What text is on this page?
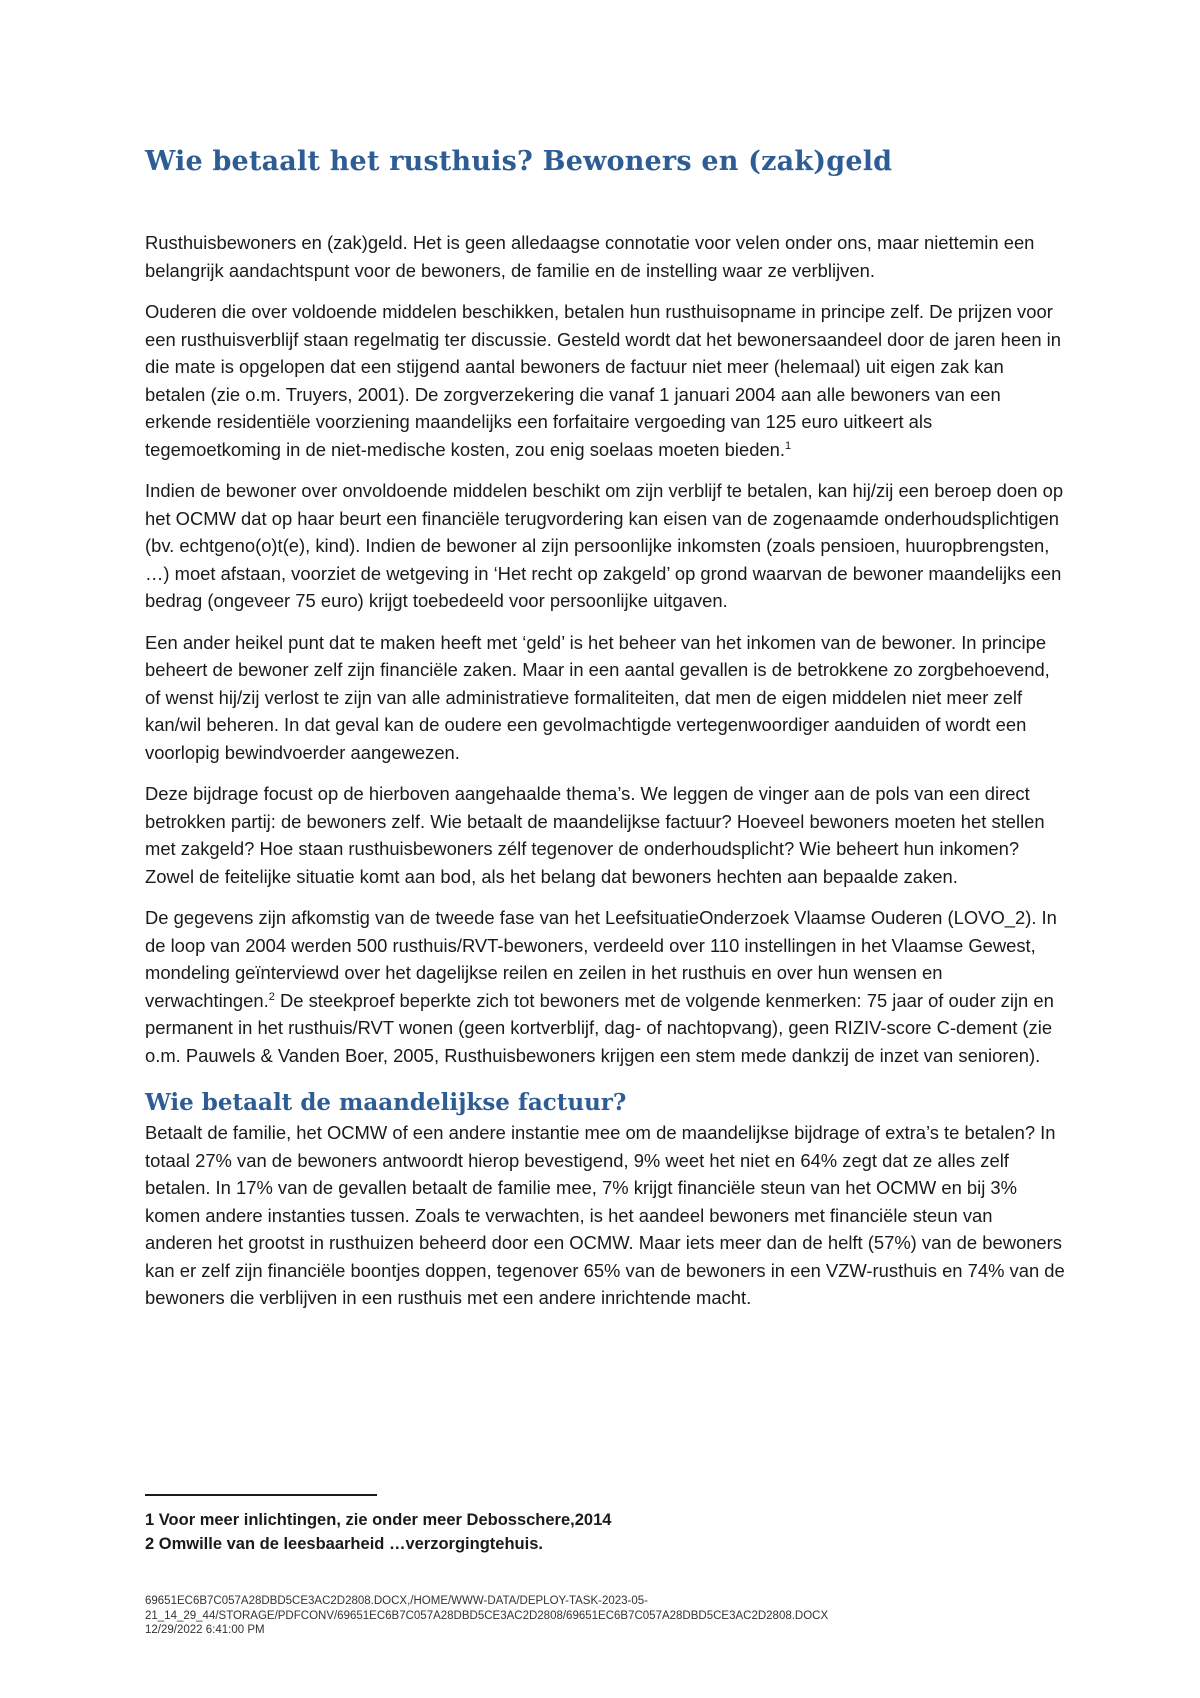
Wie betaalt het rusthuis? Bewoners en (zak)geld

Rusthuisbewoners en (zak)geld. Het is geen alledaagse connotatie voor velen onder ons, maar niettemin een belangrijk aandachtspunt voor de bewoners, de familie en de instelling waar ze verblijven.

Ouderen die over voldoende middelen beschikken, betalen hun rusthuisopname in principe zelf. De prijzen voor een rusthuisverblijf staan regelmatig ter discussie. Gesteld wordt dat het bewonersaandeel door de jaren heen in die mate is opgelopen dat een stijgend aantal bewoners de factuur niet meer (helemaal) uit eigen zak kan betalen (zie o.m. Truyers, 2001). De zorgverzekering die vanaf 1 januari 2004 aan alle bewoners van een erkende residentiële voorziening maandelijks een forfaitaire vergoeding van 125 euro uitkeert als tegemoetkoming in de niet-medische kosten, zou enig soelaas moeten bieden.$^1$

Indien de bewoner over onvoldoende middelen beschikt om zijn verblijf te betalen, kan hij/zij een beroep doen op het OCMW dat op haar beurt een financiële terugvordering kan eisen van de zogenaamde onderhoudsplichtigen (bv. echtgeno(o)t(e), kind). Indien de bewoner al zijn persoonlijke inkomsten (zoals pensioen, huuropbrengsten, …) moet afstaan, voorziet de wetgeving in ‘Het recht op zakgeld’ op grond waarvan de bewoner maandelijks een bedrag (ongeveer 75 euro) krijgt toebedeeld voor persoonlijke uitgaven.

Een ander heikel punt dat te maken heeft met ‘geld’ is het beheer van het inkomen van de bewoner. In principe beheert de bewoner zelf zijn financiële zaken. Maar in een aantal gevallen is de betrokkene zo zorgbehoevend, of wenst hij/zij verlost te zijn van alle administratieve formaliteiten, dat men de eigen middelen niet meer zelf kan/wil beheren. In dat geval kan de oudere een gevolmachtigde vertegenwoordiger aanduiden of wordt een voorlopig bewindvoerder aangewezen.

Deze bijdrage focust op de hierboven aangehaalde thema’s. We leggen de vinger aan de pols van een direct betrokken partij: de bewoners zelf. Wie betaalt de maandelijkse factuur? Hoeveel bewoners moeten het stellen met zakgeld? Hoe staan rusthuisbewoners zélf tegenover de onderhoudsplicht? Wie beheert hun inkomen? Zowel de feitelijke situatie komt aan bod, als het belang dat bewoners hechten aan bepaalde zaken.

De gegevens zijn afkomstig van de tweede fase van het LeefsituatieOnderzoek Vlaamse Ouderen (LOVO_2). In de loop van 2004 werden 500 rusthuis/RVT-bewoners, verdeeld over 110 instellingen in het Vlaamse Gewest, mondeling geïnterviewd over het dagelijkse reilen en zeilen in het rusthuis en over hun wensen en verwachtingen.$^2$ De steekproef beperkte zich tot bewoners met de volgende kenmerken: 75 jaar of ouder zijn en permanent in het rusthuis/RVT wonen (geen kortverblijf, dag- of nachtopvang), geen RIZIV-score C-dement (zie o.m. Pauwels & Vanden Boer, 2005, Rusthuisbewoners krijgen een stem mede dankzij de inzet van senioren).

Wie betaalt de maandelijkse factuur?

Betaalt de familie, het OCMW of een andere instantie mee om de maandelijkse bijdrage of extra’s te betalen? In totaal 27% van de bewoners antwoordt hierop bevestigend, 9% weet het niet en 64% zegt dat ze alles zelf betalen. In 17% van de gevallen betaalt de familie mee, 7% krijgt financiële steun van het OCMW en bij 3% komen andere instanties tussen. Zoals te verwachten, is het aandeel bewoners met financiële steun van anderen het grootst in rusthuizen beheerd door een OCMW. Maar iets meer dan de helft (57%) van de bewoners kan er zelf zijn financiële boontjes doppen, tegenover 65% van de bewoners in een VZW-rusthuis en 74% van de bewoners die verblijven in een rusthuis met een andere inrichtende macht.

1 Voor meer inlichtingen, zie onder meer Debosschere,2014
2 Omwille van de leesbaarheid …verzorgingtehuis.
69651EC6B7C057A28DBD5CE3AC2D2808.DOCX,/HOME/WWW-DATA/DEPLOY-TASK-2023-05-
21_14_29_44/STORAGE/PDFCONV/69651EC6B7C057A28DBD5CE3AC2D2808/69651EC6B7C057A28DBD5CE3AC2D2808.DOCX
12/29/2022 6:41:00 PM
